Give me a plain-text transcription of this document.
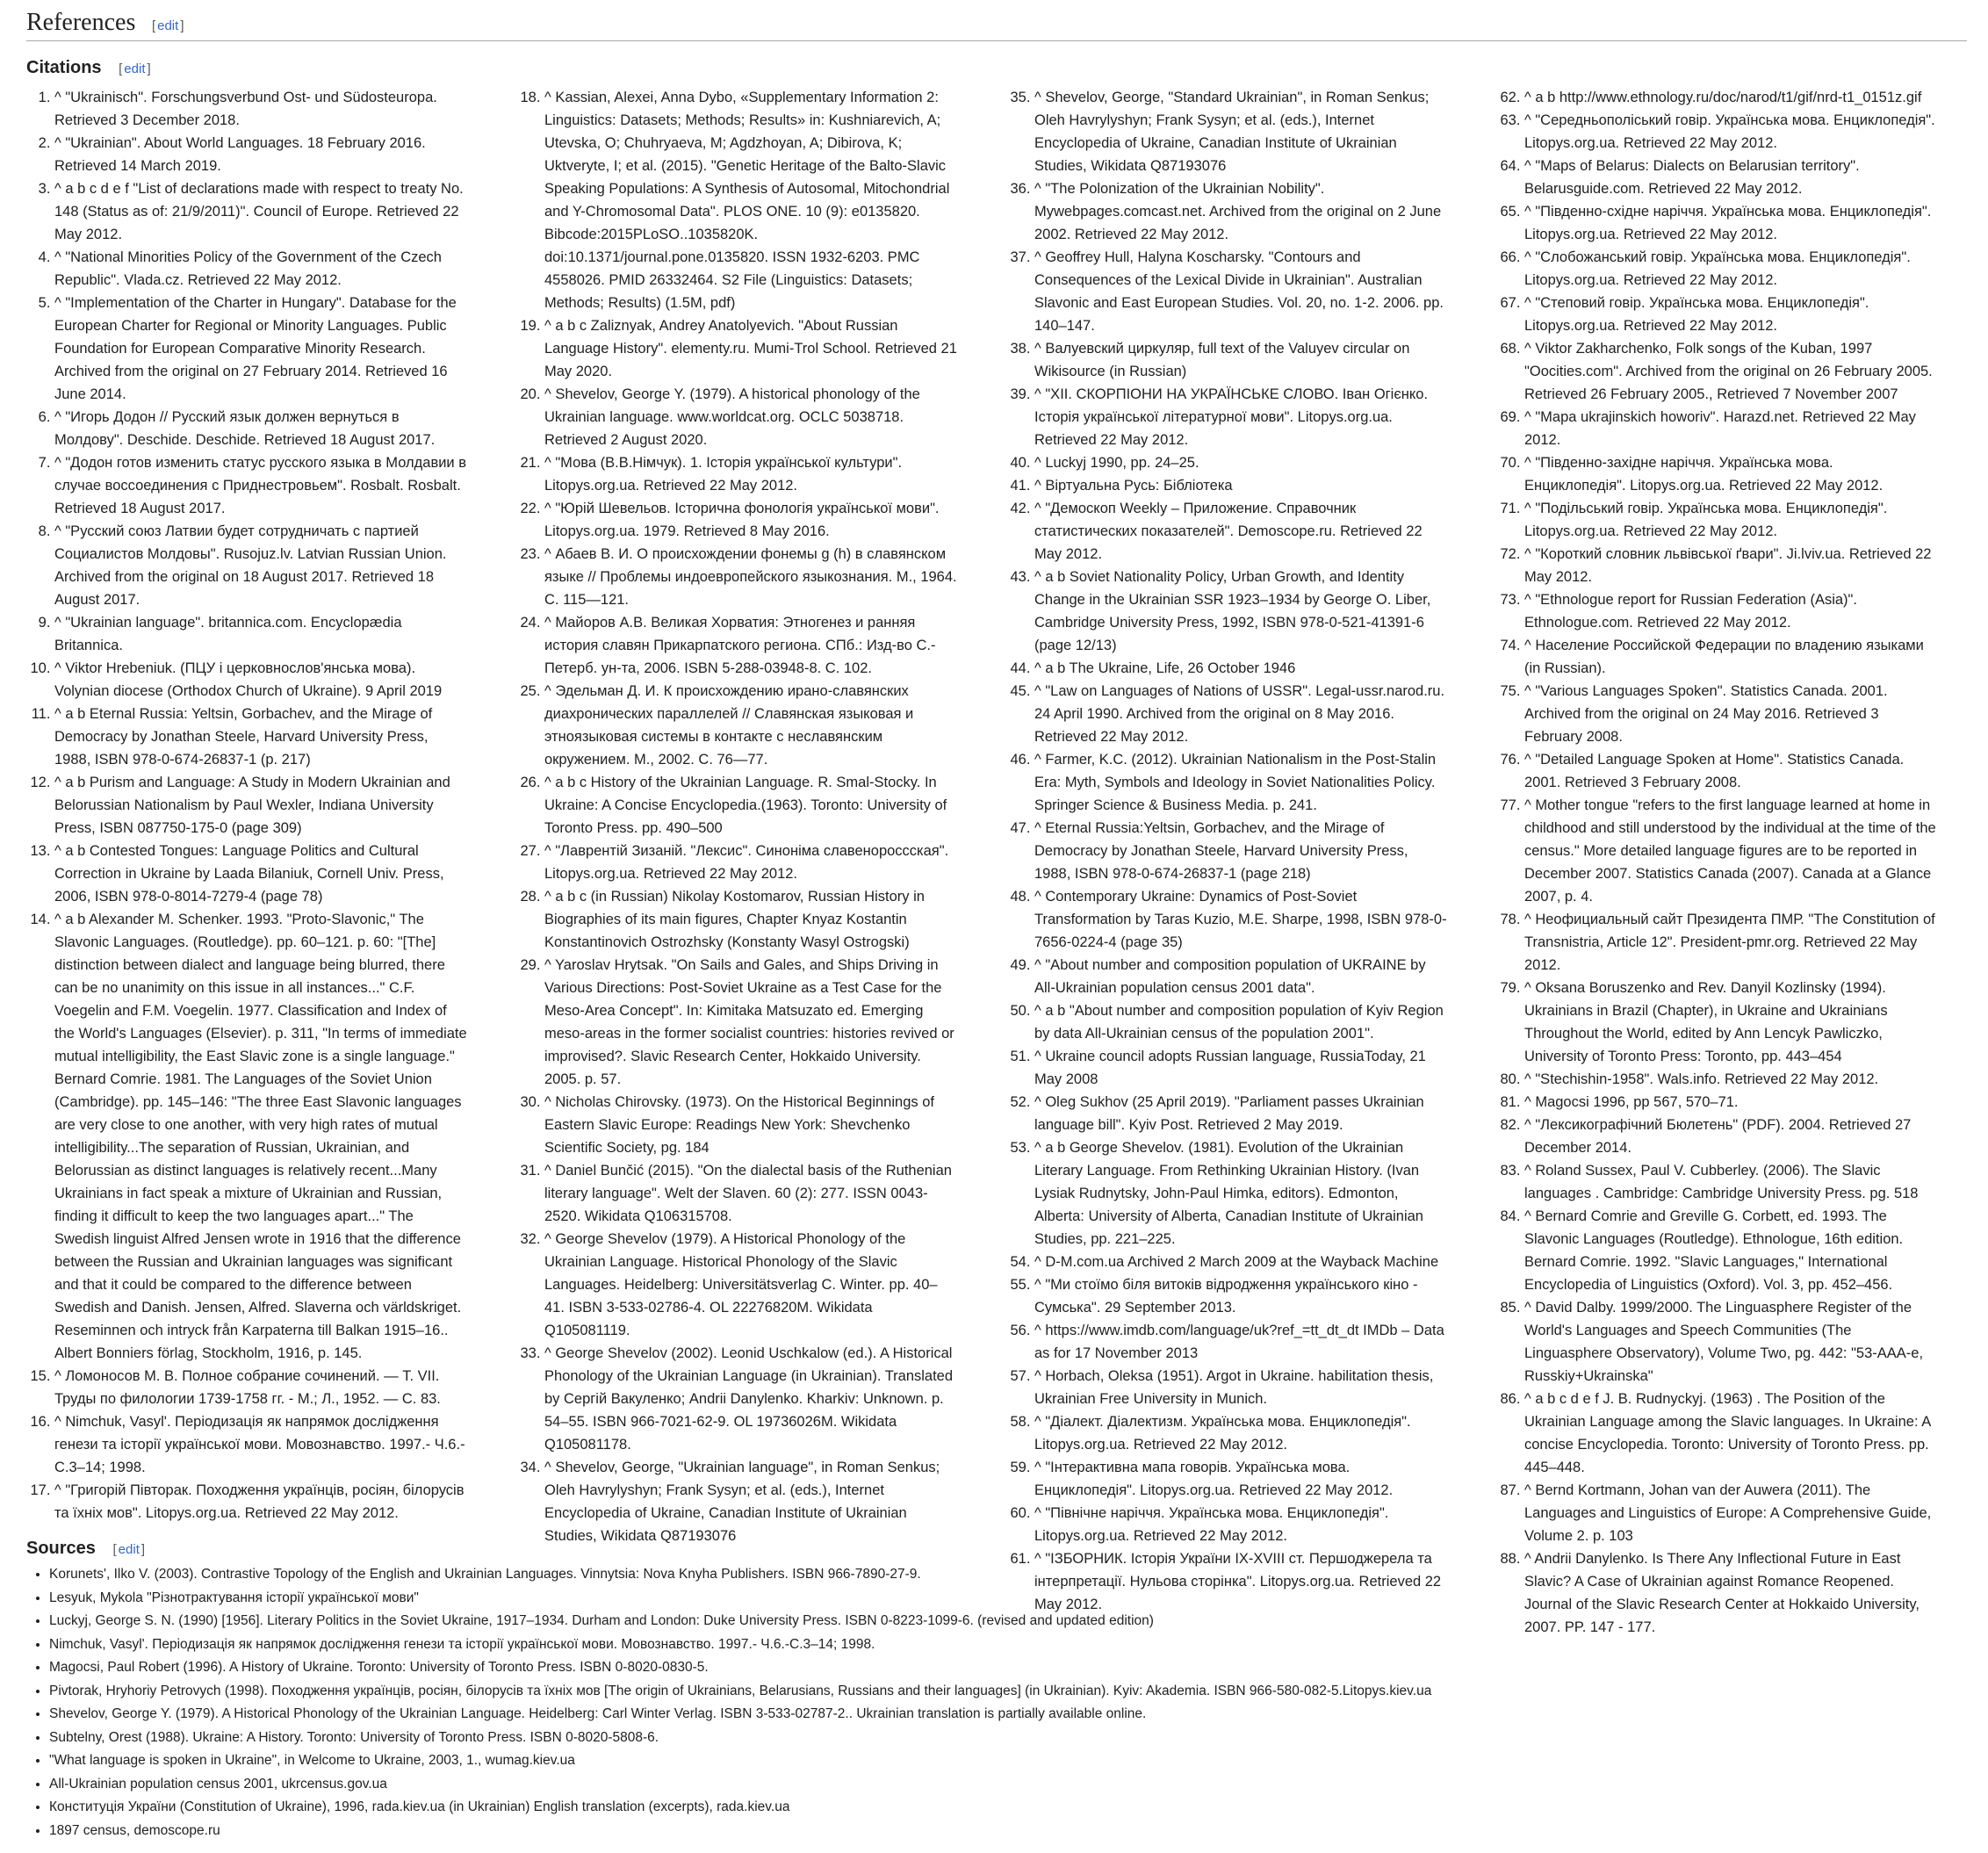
References [ edit ]
Citations [ edit ]
1. ^ "Ukrainisch". Forschungsverbund Ost- und Südosteuropa. Retrieved 3 December 2018.
2. ^ "Ukrainian". About World Languages. 18 February 2016. Retrieved 14 March 2019.
3. ^ a b c d e f "List of declarations made with respect to treaty No. 148 (Status as of: 21/9/2011)". Council of Europe. Retrieved 22 May 2012.
4. ^ "National Minorities Policy of the Government of the Czech Republic". Vlada.cz. Retrieved 22 May 2012.
5. ^ "Implementation of the Charter in Hungary". Database for the European Charter for Regional or Minority Languages. Public Foundation for European Comparative Minority Research. Archived from the original on 27 February 2014. Retrieved 16 June 2014.
6. ^ "Игорь Додон // Русский язык должен вернуться в Молдову". Deschide. Deschide. Retrieved 18 August 2017.
7. ^ "Додон готов изменить статус русского языка в Молдавии в случае воссоединения с Приднестровьем". Rosbalt. Rosbalt. Retrieved 18 August 2017.
8. ^ "Русский союз Латвии будет сотрудничать с партией Социалистов Молдовы". Rusojuz.lv. Latvian Russian Union. Archived from the original on 18 August 2017. Retrieved 18 August 2017.
9. ^ "Ukrainian language". britannica.com. Encyclopædia Britannica.
10. ^ Viktor Hrebeniuk. (ПЦУ і церковнослов'янська мова). Volynian diocese (Orthodox Church of Ukraine). 9 April 2019
11. ^ a b Eternal Russia: Yeltsin, Gorbachev, and the Mirage of Democracy by Jonathan Steele, Harvard University Press, 1988, ISBN 978-0-674-26837-1 (p. 217)
12. ^ a b Purism and Language: A Study in Modern Ukrainian and Belorussian Nationalism by Paul Wexler, Indiana University Press, ISBN 087750-175-0 (page 309)
13. ^ a b Contested Tongues: Language Politics and Cultural Correction in Ukraine by Laada Bilaniuk, Cornell Univ. Press, 2006, ISBN 978-0-8014-7279-4 (page 78)
14. ^ a b Alexander M. Schenker. 1993. "Proto-Slavonic," The Slavonic Languages. (Routledge). pp. 60–121. p. 60: "[The] distinction between dialect and language being blurred, there can be no unanimity on this issue in all instances..." C.F. Voegelin and F.M. Voegelin. 1977. Classification and Index of the World's Languages (Elsevier). p. 311, "In terms of immediate mutual intelligibility, the East Slavic zone is a single language." Bernard Comrie. 1981. The Languages of the Soviet Union (Cambridge). pp. 145–146: "The three East Slavonic languages are very close to one another, with very high rates of mutual intelligibility...The separation of Russian, Ukrainian, and Belorussian as distinct languages is relatively recent...Many Ukrainians in fact speak a mixture of Ukrainian and Russian, finding it difficult to keep the two languages apart..." The Swedish linguist Alfred Jensen wrote in 1916 that the difference between the Russian and Ukrainian languages was significant and that it could be compared to the difference between Swedish and Danish. Jensen, Alfred. Slaverna och världskriget. Reseminnen och intryck från Karpaterna till Balkan 1915–16.. Albert Bonniers förlag, Stockholm, 1916, p. 145.
15. ^ Ломоносов М. В. Полное собрание сочинений. — Т. VII. Труды по филологии 1739-1758 гг. - М.; Л., 1952. — С. 83.
16. ^ Nimchuk, Vasyl'. Періодизація як напрямок дослідження генези та історії української мови. Мовознавство. 1997.- Ч.6.-С.3–14; 1998.
17. ^ "Григорій Півторак. Походження українців, росіян, білорусів та їхніх мов". Litopys.org.ua. Retrieved 22 May 2012.
18. ^ Kassian, Alexei, Anna Dybo, «Supplementary Information 2: Linguistics: Datasets; Methods; Results» in: Kushniarevich, A; Utevska, O; Chuhryaeva, M; Agdzhoyan, A; Dibirova, K; Uktveryte, I; et al. (2015). "Genetic Heritage of the Balto-Slavic Speaking Populations: A Synthesis of Autosomal, Mitochondrial and Y-Chromosomal Data". PLOS ONE. 10 (9): e0135820. Bibcode:2015PLoSO..1035820K. doi:10.1371/journal.pone.0135820. ISSN 1932-6203. PMC 4558026. PMID 26332464. S2 File (Linguistics: Datasets; Methods; Results) (1.5M, pdf)
19. ^ a b c Zaliznyak, Andrey Anatolyevich. "About Russian Language History". elementy.ru. Mumi-Trol School. Retrieved 21 May 2020.
20. ^ Shevelov, George Y. (1979). A historical phonology of the Ukrainian language. www.worldcat.org. OCLC 5038718. Retrieved 2 August 2020.
21. ^ "Мова (В.В.Німчук). 1. Історія української культури". Litopys.org.ua. Retrieved 22 May 2012.
22. ^ "Юрій Шевельов. Історична фонологія української мови". Litopys.org.ua. 1979. Retrieved 8 May 2016.
23. ^ Абаев В. И. О происхождении фонемы g (h) в славянском языке // Проблемы индоевропейского языкознания. М., 1964. С. 115—121.
24. ^ Майоров А.В. Великая Хорватия: Этногенез и ранняя история славян Прикарпатского региона. СПб.: Изд-во С.-Петерб. ун-та, 2006. ISBN 5-288-03948-8. С. 102.
25. ^ Эдельман Д. И. К происхождению ирано-славянских диахронических параллелей // Славянская языковая и этноязыковая системы в контакте с неславянским окружением. М., 2002. С. 76—77.
26. ^ a b c History of the Ukrainian Language. R. Smal-Stocky. In Ukraine: A Concise Encyclopedia.(1963). Toronto: University of Toronto Press. pp. 490–500
27. ^ "Лаврентій Зизаній. "Лексис". Синоніма славенороссская". Litopys.org.ua. Retrieved 22 May 2012.
28. ^ a b c (in Russian) Nikolay Kostomarov, Russian History in Biographies of its main figures, Chapter Knyaz Kostantin Konstantinovich Ostrozhsky (Konstanty Wasyl Ostrogski)
29. ^ Yaroslav Hrytsak. "On Sails and Gales, and Ships Driving in Various Directions: Post-Soviet Ukraine as a Test Case for the Meso-Area Concept". In: Kimitaka Matsuzato ed. Emerging meso-areas in the former socialist countries: histories revived or improvised?. Slavic Research Center, Hokkaido University. 2005. p. 57.
30. ^ Nicholas Chirovsky. (1973). On the Historical Beginnings of Eastern Slavic Europe: Readings New York: Shevchenko Scientific Society, pg. 184
31. ^ Daniel Bunčić (2015). "On the dialectal basis of the Ruthenian literary language". Welt der Slaven. 60 (2): 277. ISSN 0043-2520. Wikidata Q106315708.
32. ^ George Shevelov (1979). A Historical Phonology of the Ukrainian Language. Historical Phonology of the Slavic Languages. Heidelberg: Universitätsverlag C. Winter. pp. 40–41. ISBN 3-533-02786-4. OL 22276820M. Wikidata Q105081119.
33. ^ George Shevelov (2002). Leonid Uschkalow (ed.). A Historical Phonology of the Ukrainian Language (in Ukrainian). Translated by Сергій Вакуленко; Andrii Danylenko. Kharkiv: Unknown. p. 54–55. ISBN 966-7021-62-9. OL 19736026M. Wikidata Q105081178.
34. ^ Shevelov, George, "Ukrainian language", in Roman Senkus; Oleh Havrylyshyn; Frank Sysyn; et al. (eds.), Internet Encyclopedia of Ukraine, Canadian Institute of Ukrainian Studies, Wikidata Q87193076
35. ^ Shevelov, George, "Standard Ukrainian", in Roman Senkus; Oleh Havrylyshyn; Frank Sysyn; et al. (eds.), Internet Encyclopedia of Ukraine, Canadian Institute of Ukrainian Studies, Wikidata Q87193076
36. ^ "The Polonization of the Ukrainian Nobility". Mywebpages.comcast.net. Archived from the original on 2 June 2002. Retrieved 22 May 2012.
37. ^ Geoffrey Hull, Halyna Koscharsky. "Contours and Consequences of the Lexical Divide in Ukrainian". Australian Slavonic and East European Studies. Vol. 20, no. 1-2. 2006. pp. 140–147.
38. ^ Валуевский циркуляр, full text of the Valuyev circular on Wikisource (in Russian)
39. ^ "XII. СКОРПІОНИ НА УКРАЇНСЬКЕ СЛОВО. Іван Огієнко. Історія української літературної мови". Litopys.org.ua. Retrieved 22 May 2012.
40. ^ Luckyj 1990, pp. 24–25.
41. ^ Віртуальна Русь: Бібліотека
42. ^ "Демоскоп Weekly – Приложение. Справочник статистических показателей". Demoscope.ru. Retrieved 22 May 2012.
43. ^ a b Soviet Nationality Policy, Urban Growth, and Identity Change in the Ukrainian SSR 1923–1934 by George O. Liber, Cambridge University Press, 1992, ISBN 978-0-521-41391-6 (page 12/13)
44. ^ a b The Ukraine, Life, 26 October 1946
45. ^ "Law on Languages of Nations of USSR". Legal-ussr.narod.ru. 24 April 1990. Archived from the original on 8 May 2016. Retrieved 22 May 2012.
46. ^ Farmer, K.C. (2012). Ukrainian Nationalism in the Post-Stalin Era: Myth, Symbols and Ideology in Soviet Nationalities Policy. Springer Science & Business Media. p. 241.
47. ^ Eternal Russia:Yeltsin, Gorbachev, and the Mirage of Democracy by Jonathan Steele, Harvard University Press, 1988, ISBN 978-0-674-26837-1 (page 218)
48. ^ Contemporary Ukraine: Dynamics of Post-Soviet Transformation by Taras Kuzio, M.E. Sharpe, 1998, ISBN 978-0-7656-0224-4 (page 35)
49. ^ "About number and composition population of UKRAINE by All-Ukrainian population census 2001 data".
50. ^ a b "About number and composition population of Kyiv Region by data All-Ukrainian census of the population 2001".
51. ^ Ukraine council adopts Russian language, RussiaToday, 21 May 2008
52. ^ Oleg Sukhov (25 April 2019). "Parliament passes Ukrainian language bill". Kyiv Post. Retrieved 2 May 2019.
53. ^ a b George Shevelov. (1981). Evolution of the Ukrainian Literary Language. From Rethinking Ukrainian History. (Ivan Lysiak Rudnytsky, John-Paul Himka, editors). Edmonton, Alberta: University of Alberta, Canadian Institute of Ukrainian Studies, pp. 221–225.
54. ^ D-M.com.ua Archived 2 March 2009 at the Wayback Machine
55. ^ "Ми стоїмо біля витоків відродження українського кіно - Сумська". 29 September 2013.
56. ^ https://www.imdb.com/language/uk?ref_=tt_dt_dt IMDb – Data as for 17 November 2013
57. ^ Horbach, Oleksa (1951). Argot in Ukraine. habilitation thesis, Ukrainian Free University in Munich.
58. ^ "Діалект. Діалектизм. Українська мова. Енциклопедія". Litopys.org.ua. Retrieved 22 May 2012.
59. ^ "Інтерактивна мапа говорів. Українська мова. Енциклопедія". Litopys.org.ua. Retrieved 22 May 2012.
60. ^ "Північне наріччя. Українська мова. Енциклопедія". Litopys.org.ua. Retrieved 22 May 2012.
61. ^ "ІЗБОРНИК. Історія України IX-XVIII ст. Першоджерела та інтерпретації. Нульова сторінка". Litopys.org.ua. Retrieved 22 May 2012.
62. ^ a b http://www.ethnology.ru/doc/narod/t1/gif/nrd-t1_0151z.gif
63. ^ "Середньополіський говір. Українська мова. Енциклопедія". Litopys.org.ua. Retrieved 22 May 2012.
64. ^ "Maps of Belarus: Dialects on Belarusian territory". Belarusguide.com. Retrieved 22 May 2012.
65. ^ "Південно-східне наріччя. Українська мова. Енциклопедія". Litopys.org.ua. Retrieved 22 May 2012.
66. ^ "Слобожанський говір. Українська мова. Енциклопедія". Litopys.org.ua. Retrieved 22 May 2012.
67. ^ "Степовий говір. Українська мова. Енциклопедія". Litopys.org.ua. Retrieved 22 May 2012.
68. ^ Viktor Zakharchenko, Folk songs of the Kuban, 1997 "Oocities.com". Archived from the original on 26 February 2005. Retrieved 26 February 2005., Retrieved 7 November 2007
69. ^ "Mapa ukrajinskich howoriv". Harazd.net. Retrieved 22 May 2012.
70. ^ "Південно-західне наріччя. Українська мова. Енциклопедія". Litopys.org.ua. Retrieved 22 May 2012.
71. ^ "Подільський говір. Українська мова. Енциклопедія". Litopys.org.ua. Retrieved 22 May 2012.
72. ^ "Короткий словник львівської ґвари". Ji.lviv.ua. Retrieved 22 May 2012.
73. ^ "Ethnologue report for Russian Federation (Asia)". Ethnologue.com. Retrieved 22 May 2012.
74. ^ Население Российской Федерации по владению языками (in Russian).
75. ^ "Various Languages Spoken". Statistics Canada. 2001. Archived from the original on 24 May 2016. Retrieved 3 February 2008.
76. ^ "Detailed Language Spoken at Home". Statistics Canada. 2001. Retrieved 3 February 2008.
77. ^ Mother tongue "refers to the first language learned at home in childhood and still understood by the individual at the time of the census." More detailed language figures are to be reported in December 2007. Statistics Canada (2007). Canada at a Glance 2007, p. 4.
78. ^ Неофициальный сайт Президента ПМР. "The Constitution of Transnistria, Article 12". President-pmr.org. Retrieved 22 May 2012.
79. ^ Oksana Boruszenko and Rev. Danyil Kozlinsky (1994). Ukrainians in Brazil (Chapter), in Ukraine and Ukrainians Throughout the World, edited by Ann Lencyk Pawliczko, University of Toronto Press: Toronto, pp. 443–454
80. ^ "Stechishin-1958". Wals.info. Retrieved 22 May 2012.
81. ^ Magocsi 1996, pp 567, 570–71.
82. ^ "Лексикографічний Бюлетень" (PDF). 2004. Retrieved 27 December 2014.
83. ^ Roland Sussex, Paul V. Cubberley. (2006). The Slavic languages . Cambridge: Cambridge University Press. pg. 518
84. ^ Bernard Comrie and Greville G. Corbett, ed. 1993. The Slavonic Languages (Routledge). Ethnologue, 16th edition. Bernard Comrie. 1992. "Slavic Languages," International Encyclopedia of Linguistics (Oxford). Vol. 3, pp. 452–456.
85. ^ David Dalby. 1999/2000. The Linguasphere Register of the World's Languages and Speech Communities (The Linguasphere Observatory), Volume Two, pg. 442: "53-AAA-e, Russkiy+Ukrainska"
86. ^ a b c d e f J. B. Rudnyckyj. (1963) . The Position of the Ukrainian Language among the Slavic languages. In Ukraine: A concise Encyclopedia. Toronto: University of Toronto Press. pp. 445–448.
87. ^ Bernd Kortmann, Johan van der Auwera (2011). The Languages and Linguistics of Europe: A Comprehensive Guide, Volume 2. p. 103
88. ^ Andrii Danylenko. Is There Any Inflectional Future in East Slavic? A Case of Ukrainian against Romance Reopened. Journal of the Slavic Research Center at Hokkaido University, 2007. PP. 147 - 177.
Sources [ edit ]
• Korunets', Ilko V. (2003). Contrastive Topology of the English and Ukrainian Languages. Vinnytsia: Nova Knyha Publishers. ISBN 966-7890-27-9.
• Lesyuk, Mykola "Різнотрактування історії української мови"
• Luckyj, George S. N. (1990) [1956]. Literary Politics in the Soviet Ukraine, 1917–1934. Durham and London: Duke University Press. ISBN 0-8223-1099-6. (revised and updated edition)
• Nimchuk, Vasyl'. Періодизація як напрямок дослідження генези та історії української мови. Мовознавство. 1997.- Ч.6.-С.3–14; 1998.
• Magocsi, Paul Robert (1996). A History of Ukraine. Toronto: University of Toronto Press. ISBN 0-8020-0830-5.
• Pivtorak, Hryhoriy Petrovych (1998). Походження українців, росіян, білорусів та їхніх мов [The origin of Ukrainians, Belarusians, Russians and their languages] (in Ukrainian). Kyiv: Akademia. ISBN 966-580-082-5.Litopys.kiev.ua
• Shevelov, George Y. (1979). A Historical Phonology of the Ukrainian Language. Heidelberg: Carl Winter Verlag. ISBN 3-533-02787-2.. Ukrainian translation is partially available online.
• Subtelny, Orest (1988). Ukraine: A History. Toronto: University of Toronto Press. ISBN 0-8020-5808-6.
• "What language is spoken in Ukraine", in Welcome to Ukraine, 2003, 1., wumag.kiev.ua
• All-Ukrainian population census 2001, ukrcensus.gov.ua
• Конституція України (Constitution of Ukraine), 1996, rada.kiev.ua (in Ukrainian) English translation (excerpts), rada.kiev.ua
• 1897 census, demoscope.ru
